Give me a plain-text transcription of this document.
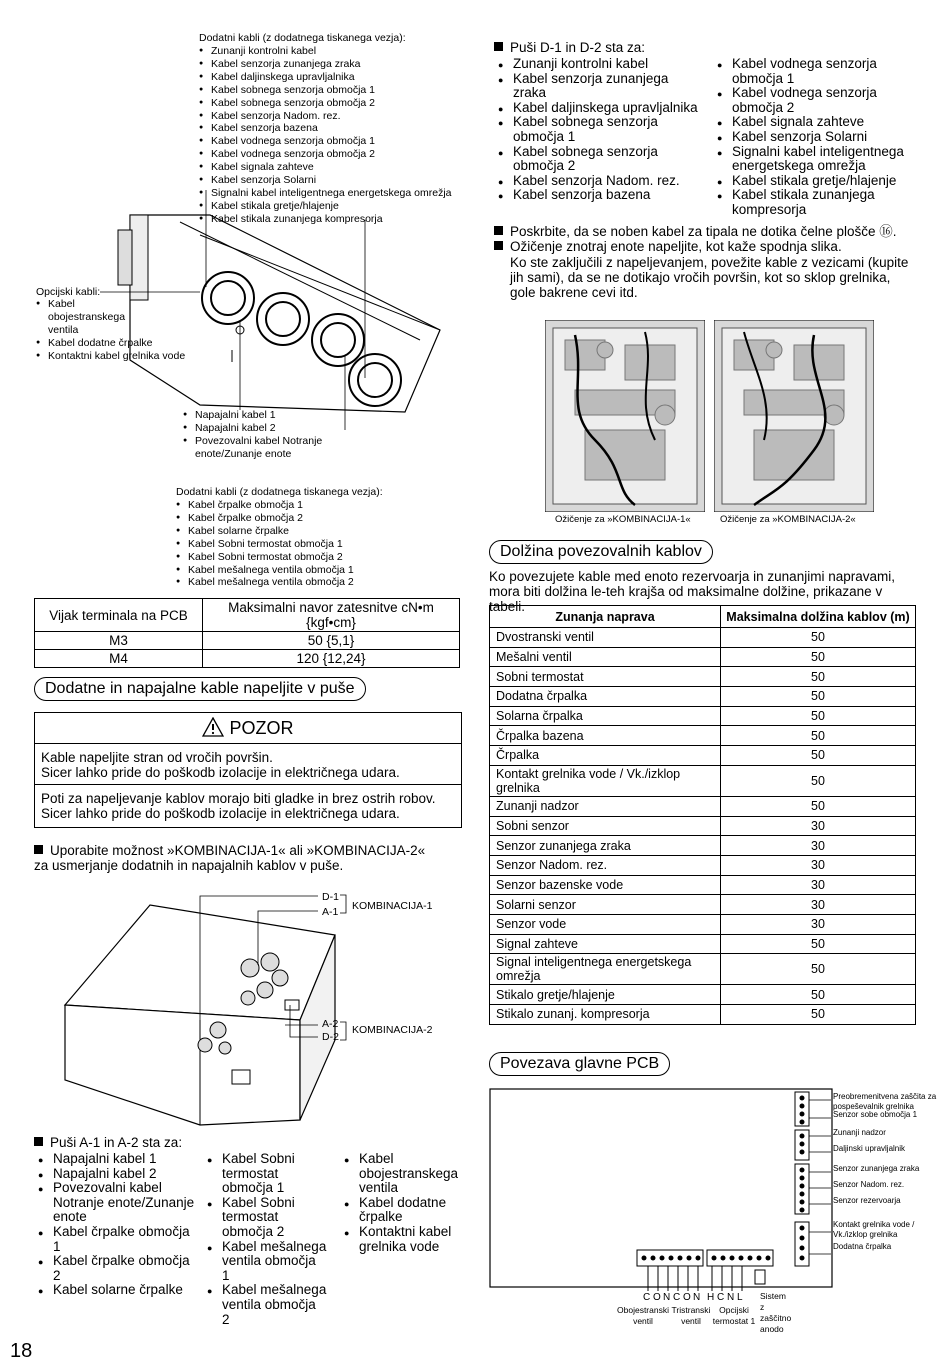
Dodatni kabli (z dodatnega tiskanega vezja):
● Zunanji kontrolni kabel
● Kabel senzorja zunanjega zraka
● Kabel daljinskega upravljalnika
● Kabel sobnega senzorja območja 1
● Kabel sobnega senzorja območja 2
● Kabel senzorja Nadom. rez.
● Kabel senzorja bazena
● Kabel vodnega senzorja območja 1
● Kabel vodnega senzorja območja 2
● Kabel signala zahteve
● Kabel senzorja Solarni
● Signalni kabel inteligentnega energetskega omrežja
● Kabel stikala gretje/hlajenje
● Kabel stikala zunanjega kompresorja
Opcijski kabli:
● Kabel obojestranskega ventila
● Kabel dodatne črpalke
● Kontaktni kabel grelnika vode
● Napajalni kabel 1
● Napajalni kabel 2
● Povezovalni kabel Notranje enote/Zunanje enote
Dodatni kabli (z dodatnega tiskanega vezja):
● Kabel črpalke območja 1
● Kabel črpalke območja 2
● Kabel solarne črpalke
● Kabel Sobni termostat območja 1
● Kabel Sobni termostat območja 2
● Kabel mešalnega ventila območja 1
● Kabel mešalnega ventila območja 2
Vijak terminala na PCB	Maksimalni navor zatesnitve cN•m {kgf•cm}
M3	50 {5,1}
M4	120 {12,24}
Dodatne in napajalne kable napeljite v puše
POZOR
Kable napeljite stran od vročih površin.
Sicer lahko pride do poškodb izolacije in električnega udara.
Poti za napeljevanje kablov morajo biti gladke in brez ostrih robov.
Sicer lahko pride do poškodb izolacije in električnega udara.
Uporabite možnost »KOMBINACIJA-1« ali »KOMBINACIJA-2«
za usmerjanje dodatnih in napajalnih kablov v puše.
D-1
A-1 KOMBINACIJA-1
A-2
D-2
KOMBINACIJA-2
Puši A-1 in A-2 sta za:
● Napajalni kabel 1
● Napajalni kabel 2
● Povezovalni kabel Notranje enote/Zunanje enote
● Kabel črpalke območja 1
● Kabel črpalke območja 2
● Kabel solarne črpalke
● Kabel Sobni termostat območja 1
● Kabel Sobni termostat območja 2
● Kabel mešalnega ventila območja 1
● Kabel mešalnega ventila območja 2
● Kabel obojestranskega ventila
● Kabel dodatne črpalke
● Kontaktni kabel grelnika vode
18
Puši D-1 in D-2 sta za:
● Zunanji kontrolni kabel
● Kabel senzorja zunanjega zraka
● Kabel daljinskega upravljalnika
● Kabel sobnega senzorja območja 1
● Kabel sobnega senzorja območja 2
● Kabel senzorja Nadom. rez.
● Kabel senzorja bazena
● Kabel vodnega senzorja območja 1
● Kabel vodnega senzorja območja 2
● Kabel signala zahteve
● Kabel senzorja Solarni
● Signalni kabel inteligentnega energetskega omrežja
● Kabel stikala gretje/hlajenje
● Kabel stikala zunanjega kompresorja
Poskrbite, da se noben kabel za tipala ne dotika čelne plošče ⑯.
Ožičenje znotraj enote napeljite, kot kaže spodnja slika.
Ko ste zaključili z napeljevanjem, povežite kable z vezicami (kupite jih sami), da se ne dotikajo vročih površin, kot so sklop grelnika, gole bakrene cevi itd.
Ožičenje za »KOMBINACIJA-1«	Ožičenje za »KOMBINACIJA-2«
Dolžina povezovalnih kablov
Ko povezujete kable med enoto rezervoarja in zunanjimi napravami, mora biti dolžina le-teh krajša od maksimalne dolžine, prikazane v tabeli.
Zunanja naprava	Maksimalna dolžina kablov (m)
Dvostranski ventil	50
Mešalni ventil	50
Sobni termostat	50
Dodatna črpalka	50
Solarna črpalka	50
Črpalka bazena	50
Črpalka	50
Kontakt grelnika vode / Vk./izklop grelnika	50
Zunanji nadzor	50
Sobni senzor	30
Senzor zunanjega zraka	30
Senzor Nadom. rez.	30
Senzor bazenske vode	30
Solarni senzor	30
Senzor vode	30
Signal zahteve	50
Signal inteligentnega energetskega omrežja	50
Stikalo gretje/hlajenje	50
Stikalo zunanj. kompresorja	50
Povezava glavne PCB
Preobremenitvena zaščita za pospeševalnik grelnika
Senzor sobe območja 1
Zunanji nadzor
Daljinski upravljalnik
Senzor zunanjega zraka
Senzor Nadom. rez.
Senzor rezervoarja
Kontakt grelnika vode / Vk./izklop grelnika
Dodatna črpalka
C ON C ON H C N L
Obojestranski ventil
Tristranski ventil
Opcijski termostat 1
Sistem z zaščitno anodo
